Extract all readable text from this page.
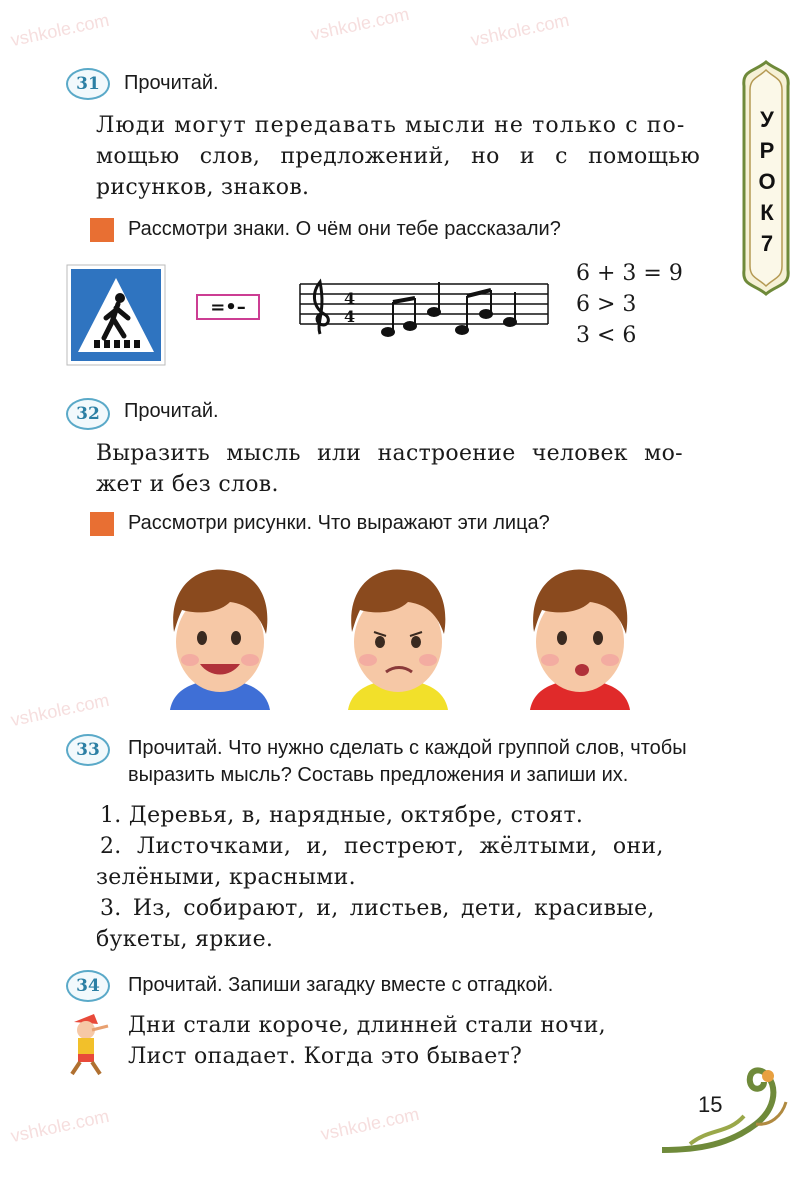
vshkole.com	vshkole.com	vshkole.com
vshkole.com
vshkole.com
vshkole.com
У
Р
О
К
7
31	Прочитай.
Люди могут передавать мысли не только с по-
мощью слов, предложений, но и с помощью
рисунков, знаков.
Рассмотри знаки. О чём они тебе рассказали?
=•–	4
4
6 + 3 = 9
6 > 3
3 < 6
32	Прочитай.
Выразить мысль или настроение человек мо-
жет и без слов.
Рассмотри рисунки. Что выражают эти лица?
33	Прочитай. Что нужно сделать с каждой группой слов, чтобы
выразить мысль? Составь предложения и запиши их.
1. Деревья, в, нарядные, октябре, стоят.
2. Листочками, и, пестреют, жёлтыми, они,
зелёными, красными.
3. Из, собирают, и, листьев, дети, красивые,
букеты, яркие.
34	Прочитай. Запиши загадку вместе с отгадкой.
Дни стали короче, длинней стали ночи,
Лист опадает. Когда это бывает?
15
